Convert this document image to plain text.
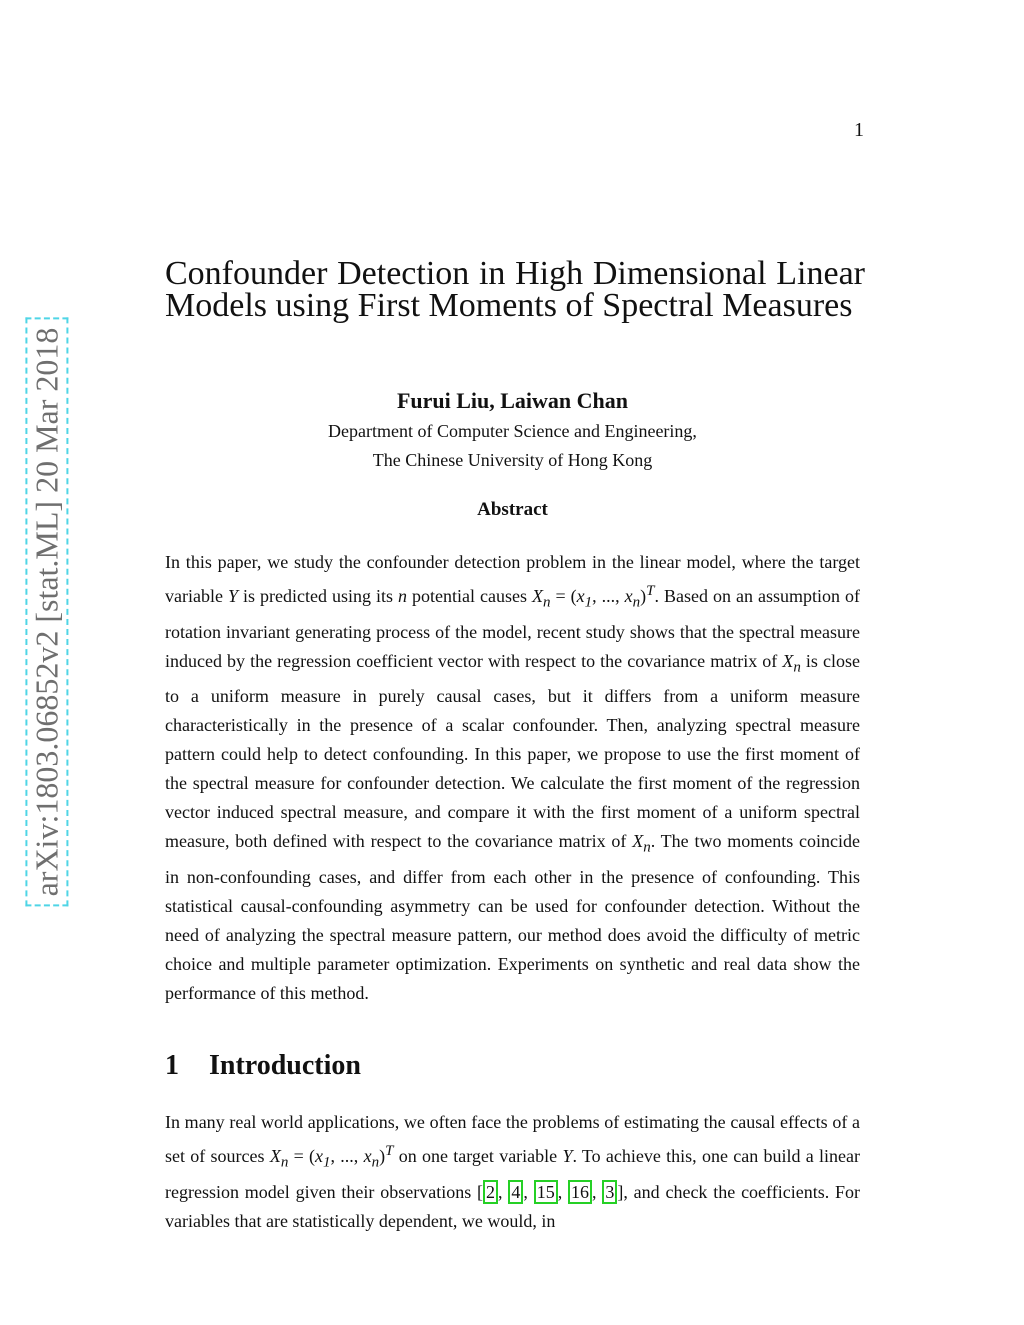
1
arXiv:1803.06852v2 [stat.ML] 20 Mar 2018
Confounder Detection in High Dimensional Linear Models using First Moments of Spectral Measures
Furui Liu, Laiwan Chan
Department of Computer Science and Engineering,
The Chinese University of Hong Kong
Abstract

In this paper, we study the confounder detection problem in the linear model, where the target variable Y is predicted using its n potential causes $X_n = (x_1$, ..., $x_n)^T$. Based on an assumption of rotation invariant generating process of the model, recent study shows that the spectral measure induced by the regression coefficient vector with respect to the covariance matrix of $X_n$ is close to a uniform measure in purely causal cases, but it differs from a uniform measure characteristically in the presence of a scalar confounder. Then, analyzing spectral measure pattern could help to detect confounding. In this paper, we propose to use the first moment of the spectral measure for confounder detection. We calculate the first moment of the regression vector induced spectral measure, and compare it with the first moment of a uniform spectral measure, both defined with respect to the covariance matrix of $X_n$. The two moments coincide in non-confounding cases, and differ from each other in the presence of confounding. This statistical causal-confounding asymmetry can be used for confounder detection. Without the need of analyzing the spectral measure pattern, our method does avoid the difficulty of metric choice and multiple parameter optimization. Experiments on synthetic and real data show the performance of this method.

1 Introduction

In many real world applications, we often face the problems of estimating the causal effects of a set of sources $X_n = (x_1$, ..., $x_n)^T$ on one target variable Y. To achieve this, one can build a linear regression model given their observations [ 2 , 4 , 15 , 16 , 3 ], and check the coefficients. For variables that are statistically dependent, we would, in
